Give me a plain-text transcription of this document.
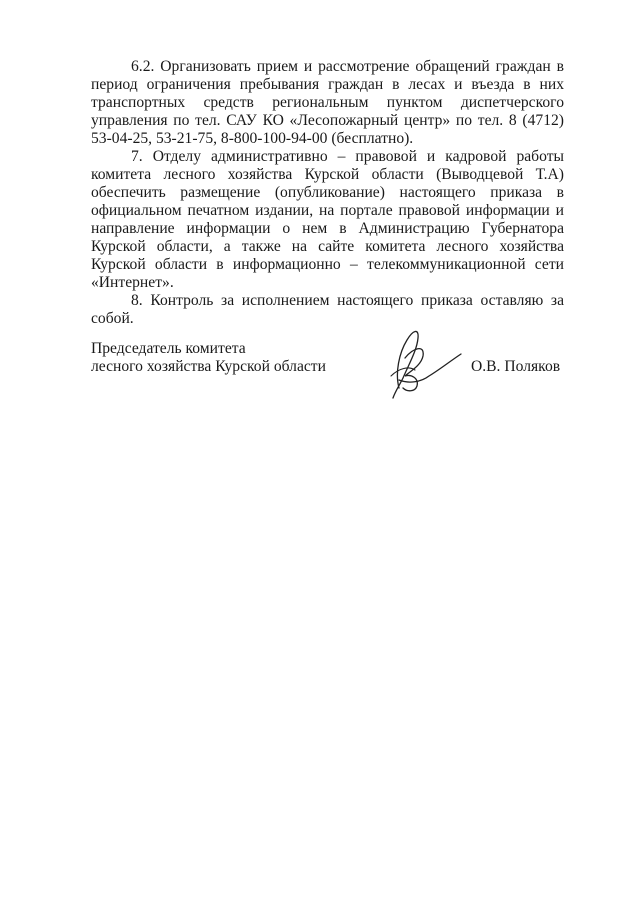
6.2. Организовать прием и рассмотрение обращений граждан в период ограничения пребывания граждан в лесах и въезда в них транспортных средств региональным пунктом диспетчерского управления по тел. САУ КО «Лесопожарный центр» по тел. 8 (4712) 53-04-25, 53-21-75, 8-800-100-94-00 (бесплатно).

7. Отделу административно – правовой и кадровой работы комитета лесного хозяйства Курской области (Выводцевой Т.А) обеспечить размещение (опубликование) настоящего приказа в официальном печатном издании, на портале правовой информации и направление информации о нем в Администрацию Губернатора Курской области, а также на сайте комитета лесного хозяйства Курской области в информационно – телекоммуникационной сети «Интернет».

8. Контроль за исполнением настоящего приказа оставляю за собой.

Председатель комитета
лесного хозяйства Курской области	О.В. Поляков
